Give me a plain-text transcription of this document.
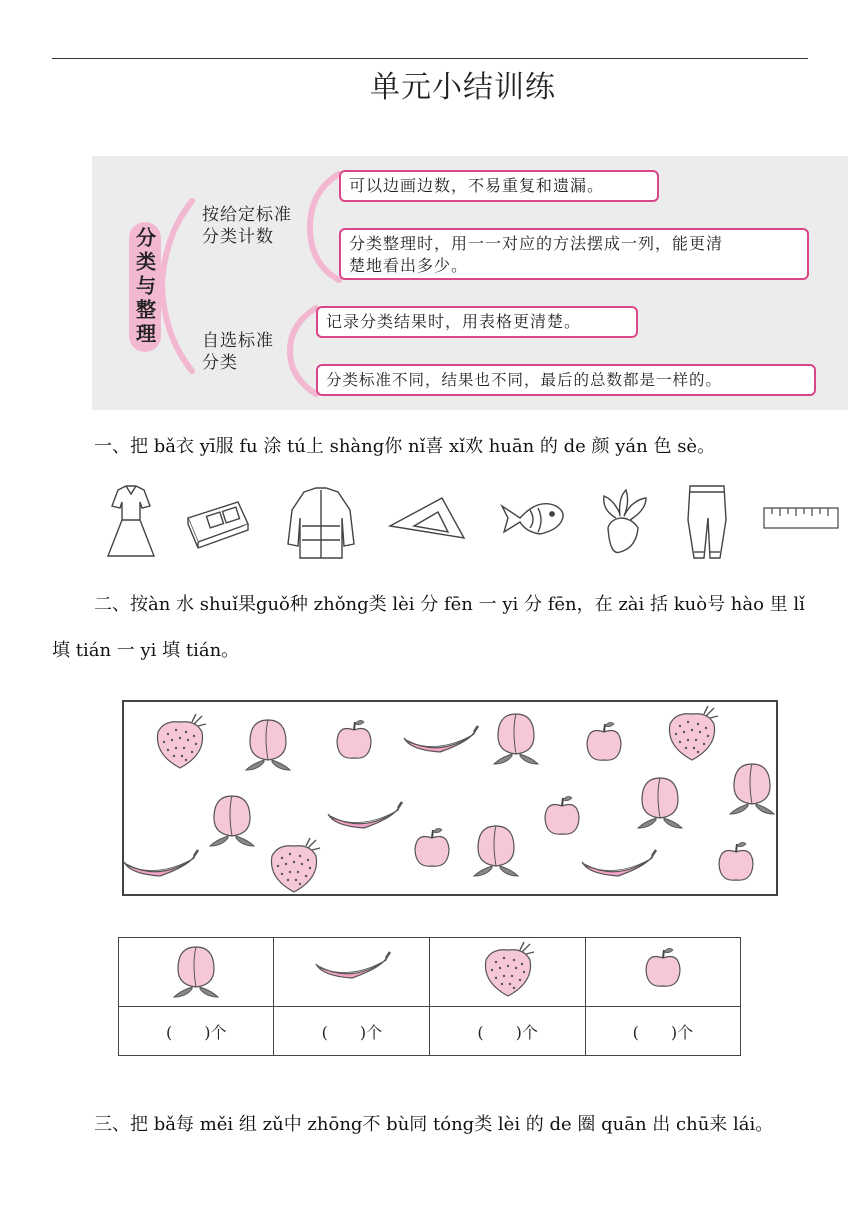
单元小结训练
分类与整理
按给定标准
分类计数
可以边画边数，不易重复和遗漏。
分类整理时，用一一对应的方法摆成一列，能更清
楚地看出多少。
自选标准
分类
记录分类结果时，用表格更清楚。
分类标准不同，结果也不同，最后的总数都是一样的。
一、把 bǎ衣 yī服 fu 涂 tú上 shàng你 nǐ喜 xǐ欢 huān 的 de 颜 yán 色 sè。
二、按àn 水 shuǐ果guǒ种 zhǒng类 lèi 分 fēn 一 yi 分 fēn，在 zài 括 kuò号 hào 里 lǐ
填 tián 一 yi 填 tián。

(　　)个	(　　)个	(　　)个	(　　)个
三、把 bǎ每 měi 组 zǔ中 zhōng不 bù同 tóng类 lèi 的 de 圈 quān 出 chū来 lái。
